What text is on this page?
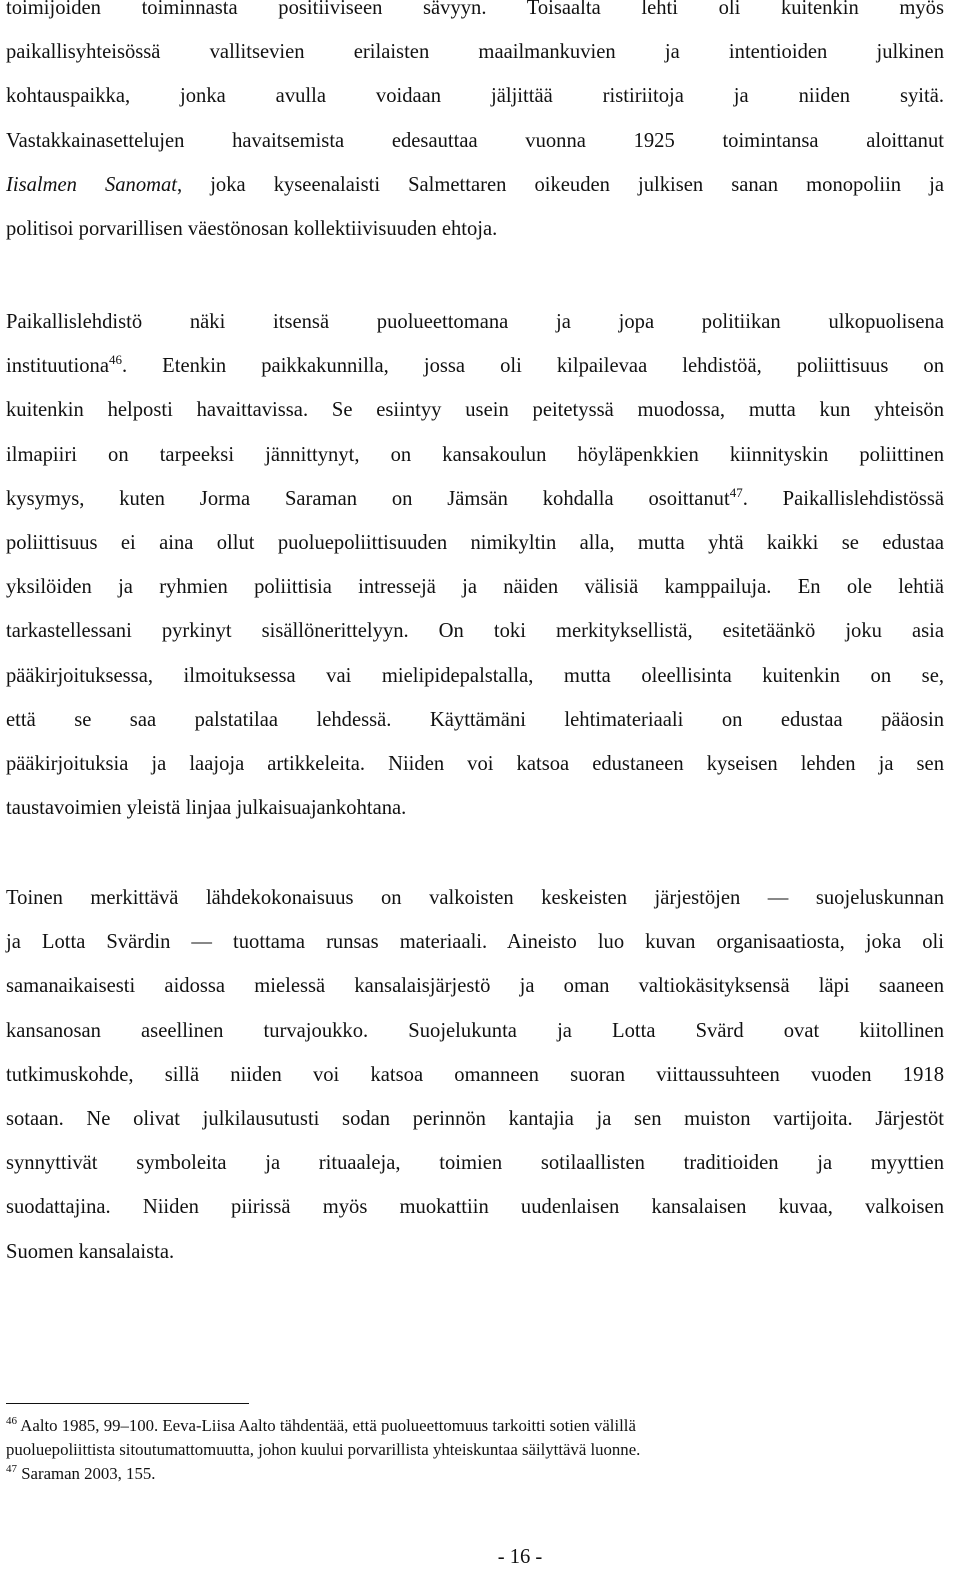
toimijoiden toiminnasta positiiviseen sävyyn. Toisaalta lehti oli kuitenkin myös
paikallisyhteisössä vallitsevien erilaisten maailmankuvien ja intentioiden julkinen
kohtauspaikka, jonka avulla voidaan jäljittää ristiriitoja ja niiden syitä.
Vastakkainasettelujen havaitsemista edesauttaa vuonna 1925 toimintansa aloittanut
Iisalmen Sanomat, joka kyseenalaisti Salmettaren oikeuden julkisen sanan monopoliin ja
politisoi porvarillisen väestönosan kollektiivisuuden ehtoja.
Paikallislehdistö näki itsensä puolueettomana ja jopa politiikan ulkopuolisena
instituutiona$^{46}$. Etenkin paikkakunnilla, jossa oli kilpailevaa lehdistöä, poliittisuus on
kuitenkin helposti havaittavissa. Se esiintyy usein peitetyssä muodossa, mutta kun yhteisön
ilmapiiri on tarpeeksi jännittynyt, on kansakoulun höyläpenkkien kiinnityskin poliittinen
kysymys, kuten Jorma Saraman on Jämsän kohdalla osoittanut$^{47}$. Paikallislehdistössä
poliittisuus ei aina ollut puoluepoliittisuuden nimikyltin alla, mutta yhtä kaikki se edustaa
yksilöiden ja ryhmien poliittisia intressejä ja näiden välisiä kamppailuja. En ole lehtiä
tarkastellessani pyrkinyt sisällönerittelyyn. On toki merkityksellistä, esitetäänkö joku asia
pääkirjoituksessa, ilmoituksessa vai mielipidepalstalla, mutta oleellisinta kuitenkin on se,
että se saa palstatilaa lehdessä. Käyttämäni lehtimateriaali on edustaa pääosin
pääkirjoituksia ja laajoja artikkeleita. Niiden voi katsoa edustaneen kyseisen lehden ja sen
taustavoimien yleistä linjaa julkaisuajankohtana.
Toinen merkittävä lähdekokonaisuus on valkoisten keskeisten järjestöjen — suojeluskunnan
ja Lotta Svärdin — tuottama runsas materiaali. Aineisto luo kuvan organisaatiosta, joka oli
samanaikaisesti aidossa mielessä kansalaisjärjestö ja oman valtiokäsityksensä läpi saaneen
kansanosan aseellinen turvajoukko. Suojelukunta ja Lotta Svärd ovat kiitollinen
tutkimuskohde, sillä niiden voi katsoa omanneen suoran viittaussuhteen vuoden 1918
sotaan. Ne olivat julkilausutusti sodan perinnön kantajia ja sen muiston vartijoita. Järjestöt
synnyttivät symboleita ja rituaaleja, toimien sotilaallisten traditioiden ja myyttien
suodattajina. Niiden piirissä myös muokattiin uudenlaisen kansalaisen kuvaa, valkoisen
Suomen kansalaista.
$^{46}$ Aalto 1985, 99–100. Eeva-Liisa Aalto tähdentää, että puolueettomuus tarkoitti sotien välillä
puoluepoliittista sitoutumattomuutta, johon kuului porvarillista yhteiskuntaa säilyttävä luonne.
$^{47}$ Saraman 2003, 155.
- 16 -
